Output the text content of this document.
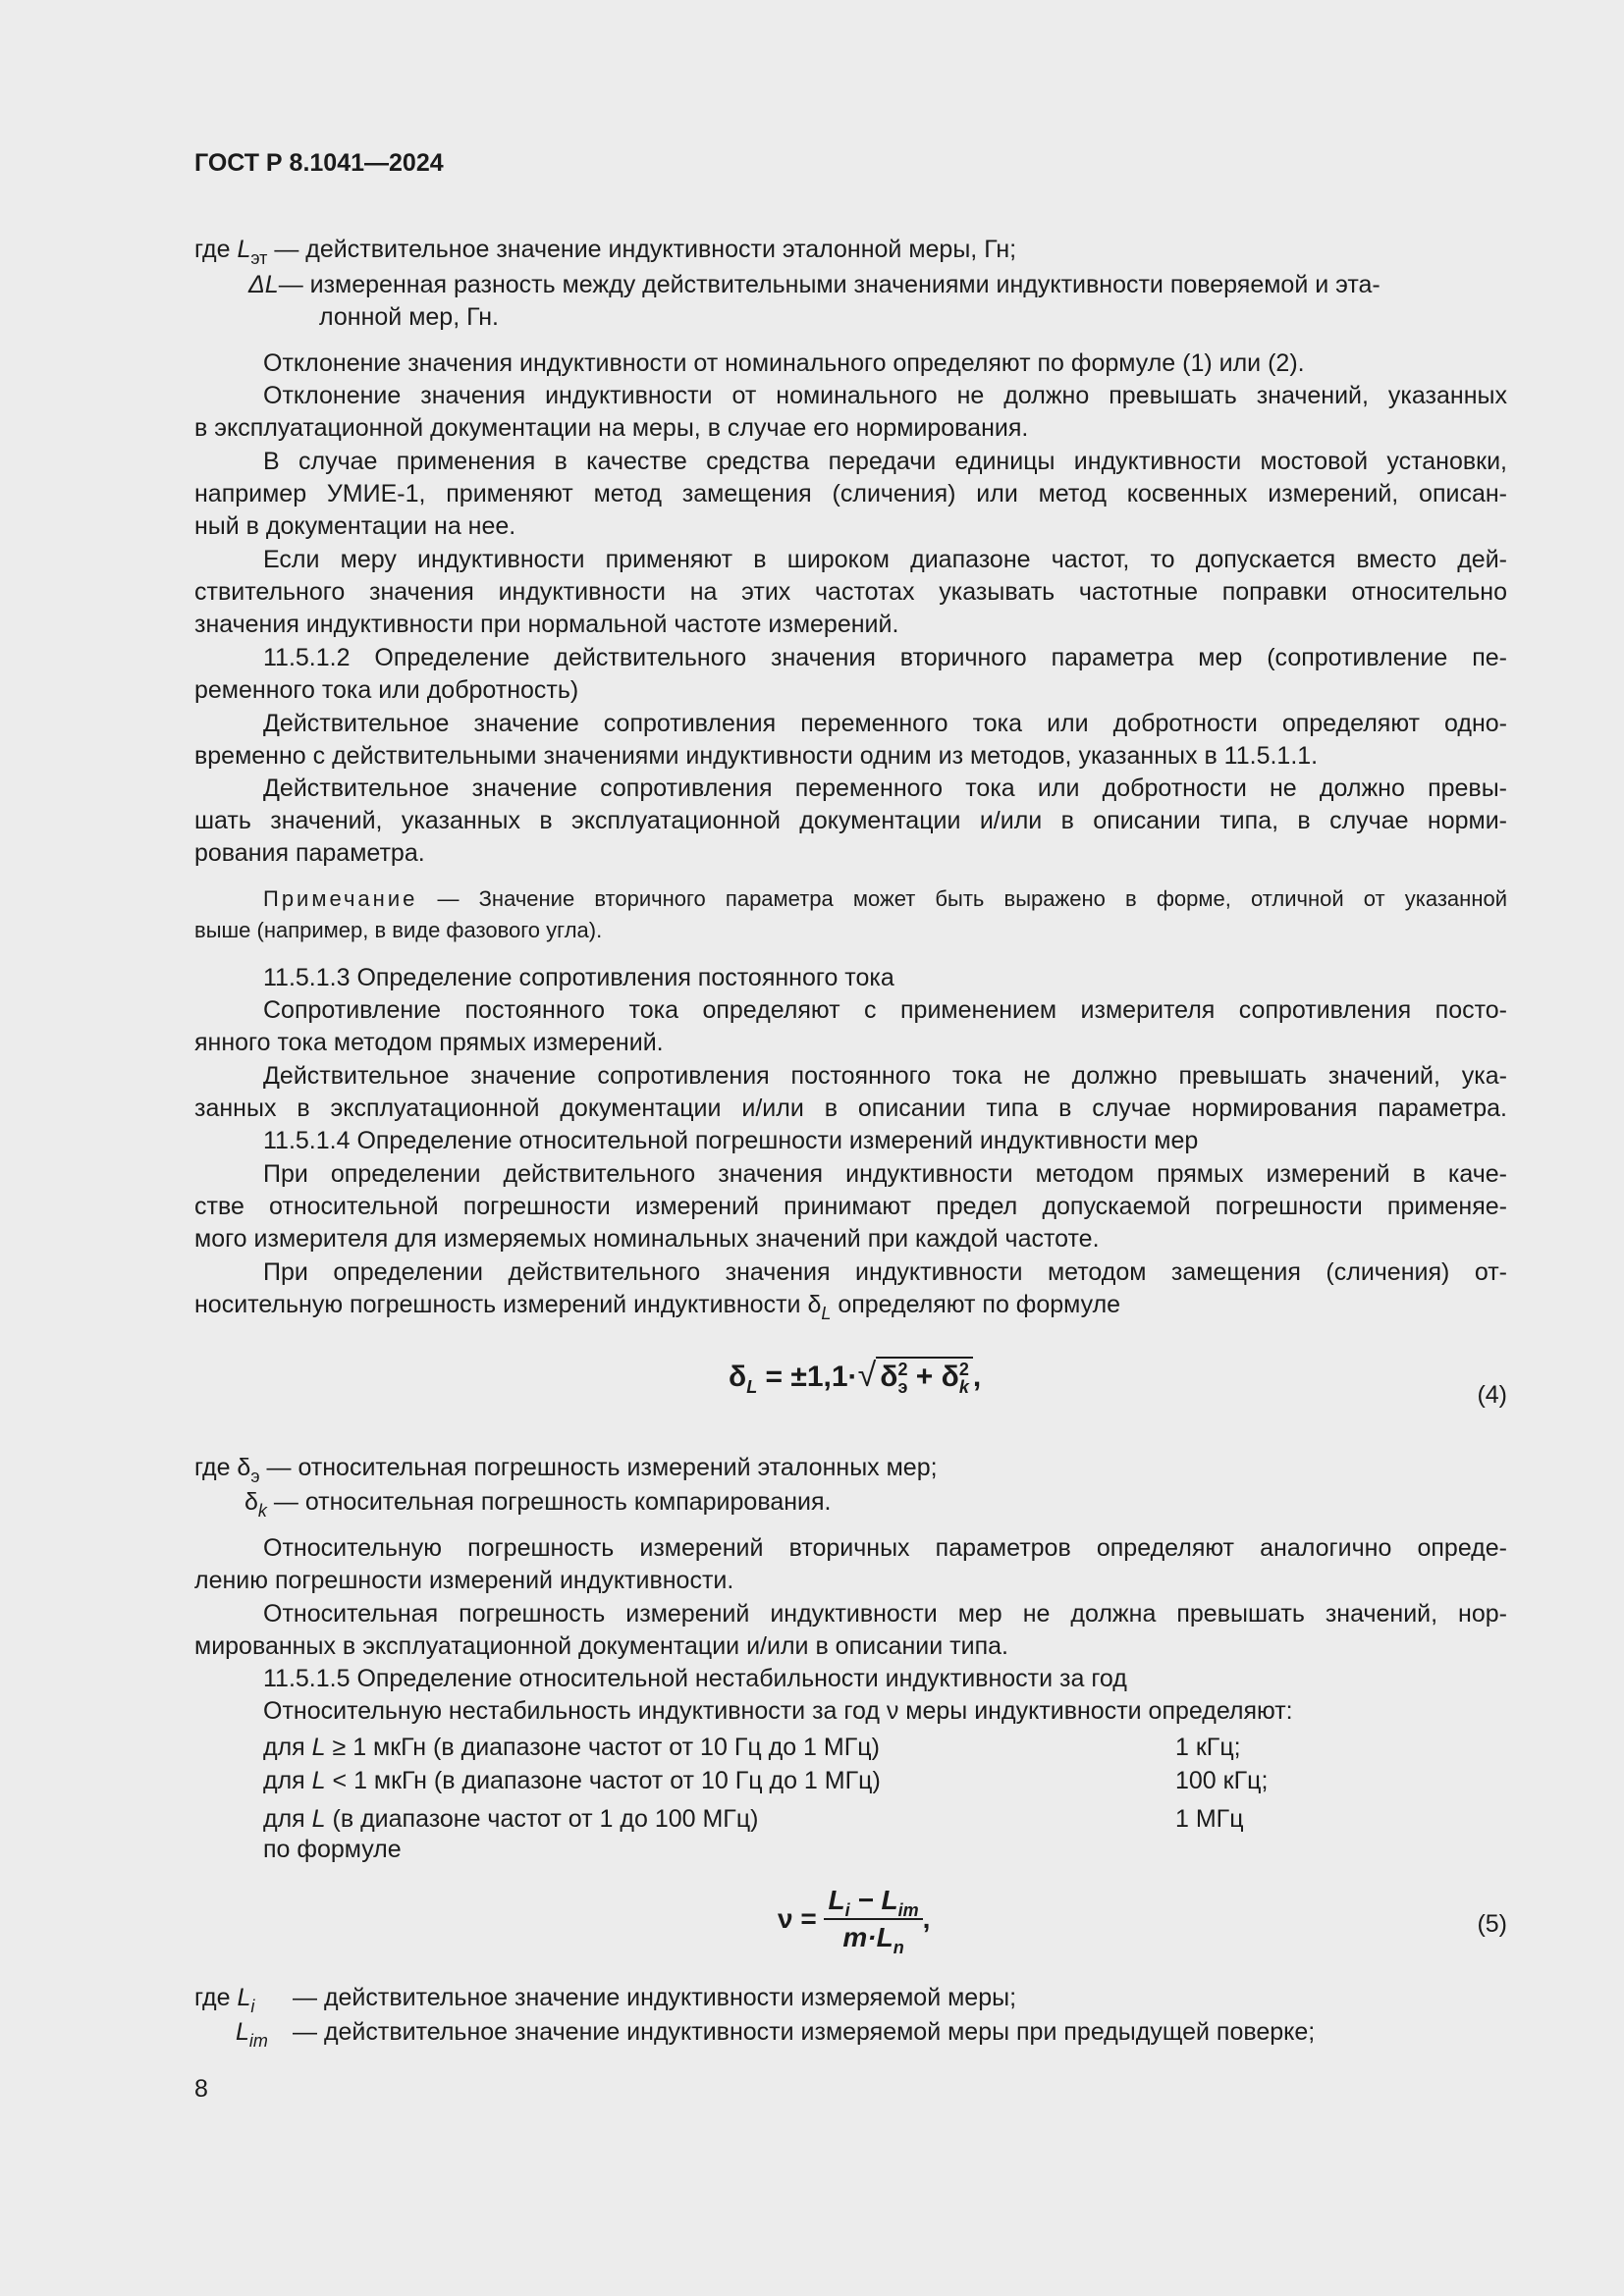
ГОСТ Р 8.1041—2024
где $L_{эт}$ — действительное значение индуктивности эталонной меры, Гн;
ΔL— измеренная разность между действительными значениями индуктивности поверяемой и эта-
лонной мер, Гн.
Отклонение значения индуктивности от номинального определяют по формуле (1) или (2).
Отклонение значения индуктивности от номинального не должно превышать значений, указанных
в эксплуатационной документации на меры, в случае его нормирования.
В случае применения в качестве средства передачи единицы индуктивности мостовой установки,
например УМИЕ-1, применяют метод замещения (сличения) или метод косвенных измерений, описан-
ный в документации на нее.
Если меру индуктивности применяют в широком диапазоне частот, то допускается вместо дей-
ствительного значения индуктивности на этих частотах указывать частотные поправки относительно
значения индуктивности при нормальной частоте измерений.
11.5.1.2 Определение действительного значения вторичного параметра мер (сопротивление пе-
ременного тока или добротность)
Действительное значение сопротивления переменного тока или добротности определяют одно-
временно с действительными значениями индуктивности одним из методов, указанных в 11.5.1.1.
Действительное значение сопротивления переменного тока или добротности не должно превы-
шать значений, указанных в эксплуатационной документации и/или в описании типа, в случае норми-
рования параметра.
Примечание — Значение вторичного параметра может быть выражено в форме, отличной от указанной
выше (например, в виде фазового угла).
11.5.1.3 Определение сопротивления постоянного тока
Сопротивление постоянного тока определяют с применением измерителя сопротивления посто-
янного тока методом прямых измерений.
Действительное значение сопротивления постоянного тока не должно превышать значений, ука-
занных в эксплуатационной документации и/или в описании типа в случае нормирования параметра.
11.5.1.4 Определение относительной погрешности измерений индуктивности мер
При определении действительного значения индуктивности методом прямых измерений в каче-
стве относительной погрешности измерений принимают предел допускаемой погрешности применяе-
мого измерителя для измеряемых номинальных значений при каждой частоте.
При определении действительного значения индуктивности методом замещения (сличения) от-
носительную погрешность измерений индуктивности $\delta_L$ определяют по формуле
$\delta_L = \pm 1,1\cdot√$ $\delta^2_э + \delta^2_k$ ,
(4)
где $\delta_э$ — относительная погрешность измерений эталонных мер;
$\delta_k$ — относительная погрешность компарирования.
Относительную погрешность измерений вторичных параметров определяют аналогично опреде-
лению погрешности измерений индуктивности.
Относительная погрешность измерений индуктивности мер не должна превышать значений, нор-
мированных в эксплуатационной документации и/или в описании типа.
11.5.1.5 Определение относительной нестабильности индуктивности за год
Относительную нестабильность индуктивности за год ν меры индуктивности определяют:
для L ≥ 1 мкГн (в диапазоне частот от 10 Гц до 1 МГц)	1 кГц;
для L < 1 мкГн (в диапазоне частот от 10 Гц до 1 МГц)	100 кГц;
для L (в диапазоне частот от 1 до 100 МГц)	1 МГц
по формуле
$\nu = \frac{L_i - L_{im}}{m\cdot L_n}$ ,	(5)
где $L_i$ — действительное значение индуктивности измеряемой меры;
$L_{im}$ — действительное значение индуктивности измеряемой меры при предыдущей поверке;
8
